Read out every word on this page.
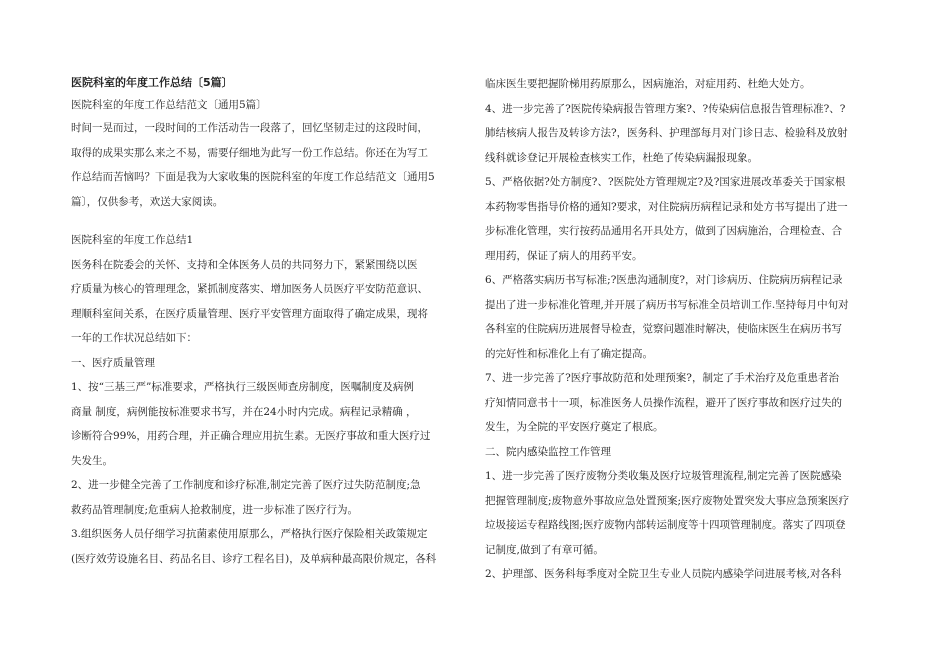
医院科室的年度工作总结〔5篇〕
医院科室的年度工作总结范文〔通用5篇〕
时间一晃而过，一段时间的工作活动告一段落了，回忆坚韧走过的这段时间，
取得的成果实那么来之不易，需要仔细地为此写一份工作总结。你还在为写工
作总结而苦恼吗？下面是我为大家收集的医院科室的年度工作总结范文〔通用5
篇〕，仅供参考，欢送大家阅读。
医院科室的年度工作总结1
医务科在院委会的关怀、支持和全体医务人员的共同努力下，紧紧围绕以医
疗质量为核心的管理理念，紧抓制度落实、增加医务人员医疗平安防范意识、
理顺科室间关系，在医疗质量管理、医疗平安管理方面取得了确定成果，现将
一年的工作状况总结如下：
一、医疗质量管理
1、按“三基三严”标准要求，严格执行三级医师查房制度，医嘱制度及病例
商量 制度，病例能按标准要求书写，并在24小时内完成。病程记录精确 ，
诊断符合99%，用药合理，并正确合理应用抗生素。无医疗事故和重大医疗过
失发生。
2、进一步健全完善了工作制度和诊疗标准,制定完善了医疗过失防范制度;急
救药品管理制度;危重病人抢救制度，进一步标准了医疗行为。
3.组织医务人员仔细学习抗菌素使用原那么，严格执行医疗保险相关政策规定
(医疗效劳设施名目、药品名目、诊疗工程名目)，及单病种最高限价规定，各科
临床医生要把握阶梯用药原那么，因病施治，对症用药、杜绝大处方。
4、进一步完善了?医院传染病报告管理方案?、?传染病信息报告管理标准?、?
肺结核病人报告及转诊方法?，医务科、护理部每月对门诊日志、检验科及放射
线科就诊登记开展检查核实工作，杜绝了传染病漏报现象。
5、严格依据?处方制度?、?医院处方管理规定?及?国家进展改革委关于国家根
本药物零售指导价格的通知?要求，对住院病历病程记录和处方书写提出了进一
步标准化管理，实行按药品通用名开具处方，做到了因病施治，合理检查、合
理用药，保证了病人的用药平安。
6、严格落实病历书写标准;?医患沟通制度?，对门诊病历、住院病历病程记录
提出了进一步标准化管理,并开展了病历书写标准全员培训工作.坚持每月中旬对
各科室的住院病历进展督导检查，觉察问题准时解决，使临床医生在病历书写
的完好性和标准化上有了确定提高。
7、进一步完善了?医疗事故防范和处理预案?，制定了手术治疗及危重患者治
疗知情同意书十一项，标准医务人员操作流程，避开了医疗事故和医疗过失的
发生，为全院的平安医疗奠定了根底。
二、院内感染监控工作管理
1、进一步完善了医疗废物分类收集及医疗垃圾管理流程,制定完善了医院感染
把握管理制度;废物意外事故应急处置预案;医疗废物处置突发大事应急预案医疗
垃圾接运专程路线图;医疗废物内部转运制度等十四项管理制度。落实了四项登
记制度,做到了有章可循。
2、护理部、医务科每季度对全院卫生专业人员院内感染学问进展考核,对各科
